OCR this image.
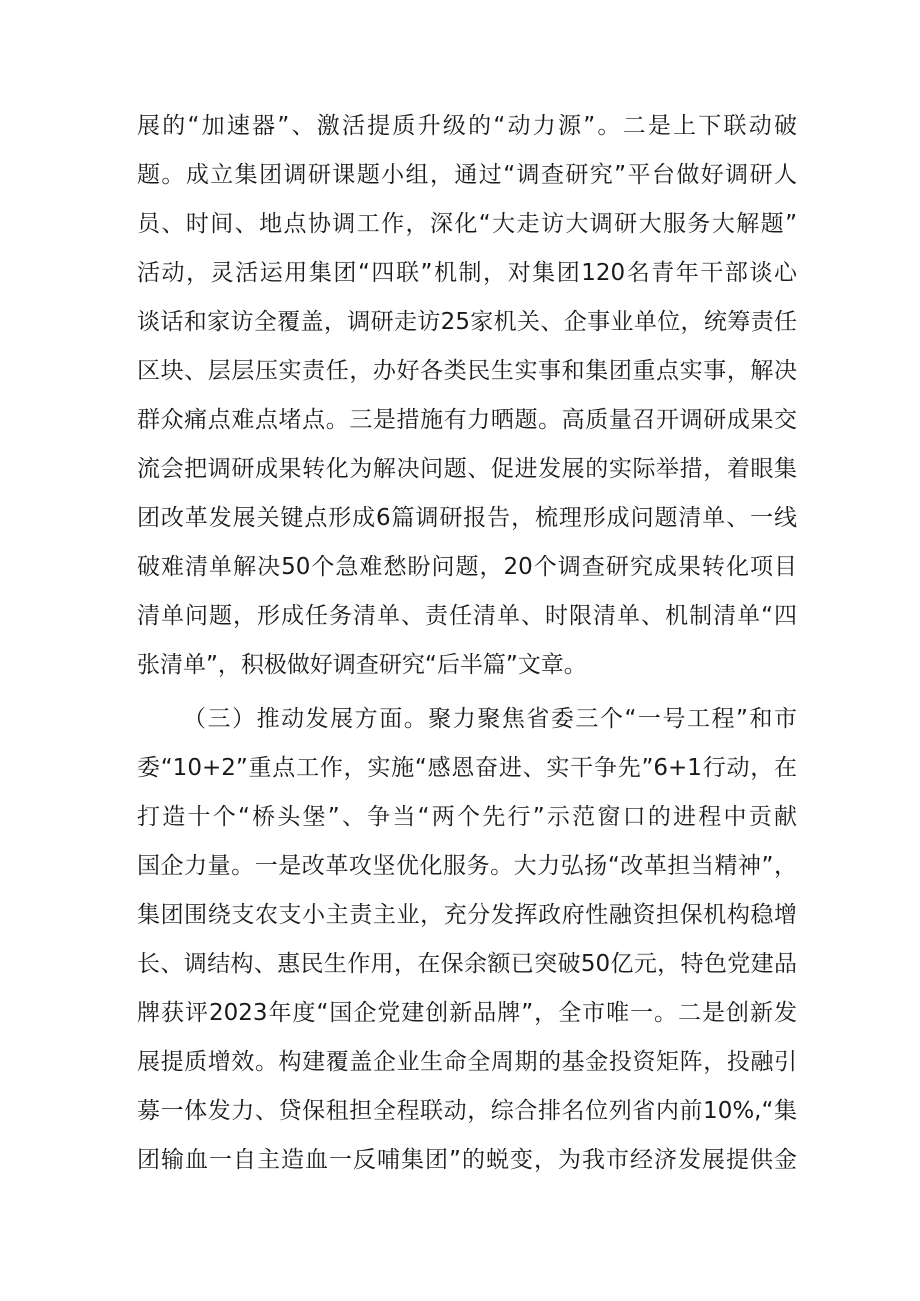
展的“加速器”、激活提质升级的“动力源”。二是上下联动破
题。成立集团调研课题小组，通过“调查研究”平台做好调研人
员、时间、地点协调工作，深化“大走访大调研大服务大解题”
活动，灵活运用集团“四联”机制，对集团120名青年干部谈心
谈话和家访全覆盖，调研走访25家机关、企事业单位，统筹责任
区块、层层压实责任，办好各类民生实事和集团重点实事，解决
群众痛点难点堵点。三是措施有力晒题。高质量召开调研成果交
流会把调研成果转化为解决问题、促进发展的实际举措，着眼集
团改革发展关键点形成6篇调研报告，梳理形成问题清单、一线
破难清单解决50个急难愁盼问题，20个调查研究成果转化项目
清单问题，形成任务清单、责任清单、时限清单、机制清单“四
张清单”，积极做好调查研究“后半篇”文章。
（三）推动发展方面。聚力聚焦省委三个“一号工程”和市
委“10+2”重点工作，实施“感恩奋进、实干争先”6+1行动，在
打造十个“桥头堡”、争当“两个先行”示范窗口的进程中贡献
国企力量。一是改革攻坚优化服务。大力弘扬“改革担当精神”，
集团围绕支农支小主责主业，充分发挥政府性融资担保机构稳增
长、调结构、惠民生作用，在保余额已突破50亿元，特色党建品
牌获评2023年度“国企党建创新品牌”，全市唯一。二是创新发
展提质增效。构建覆盖企业生命全周期的基金投资矩阵，投融引
募一体发力、贷保租担全程联动，综合排名位列省内前10%,“集
团输血一自主造血一反哺集团”的蜕变，为我市经济发展提供金
